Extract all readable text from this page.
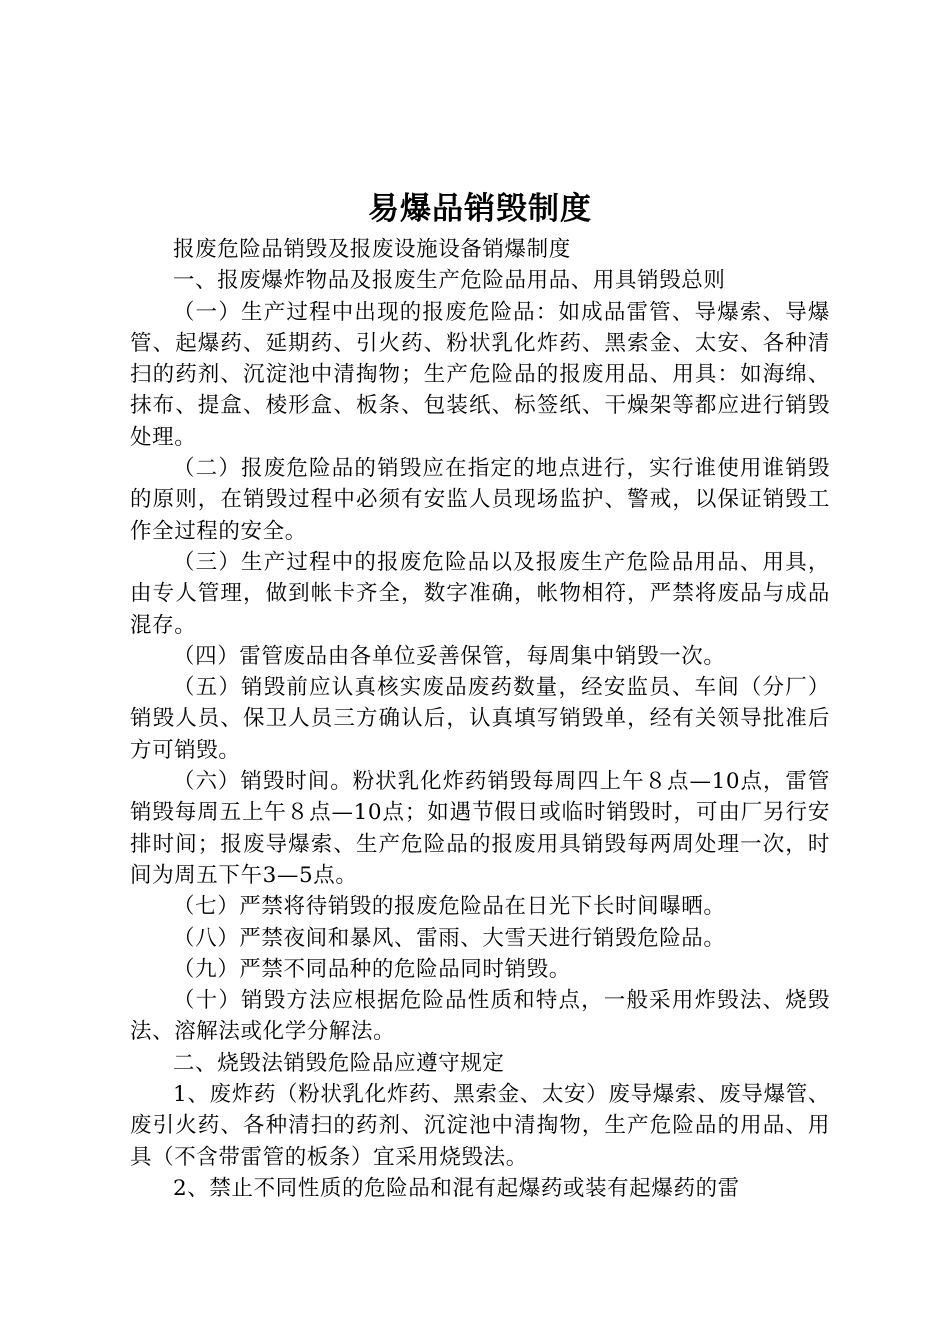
易爆品销毁制度

报废危险品销毁及报废设施设备销爆制度

一、报废爆炸物品及报废生产危险品用品、用具销毁总则

（一）生产过程中出现的报废危险品：如成品雷管、导爆索、导爆管、起爆药、延期药、引火药、粉状乳化炸药、黑索金、太安、各种清扫的药剂、沉淀池中清掏物；生产危险品的报废用品、用具：如海绵、抹布、提盒、棱形盒、板条、包装纸、标签纸、干燥架等都应进行销毁处理。

（二）报废危险品的销毁应在指定的地点进行，实行谁使用谁销毁的原则，在销毁过程中必须有安监人员现场监护、警戒，以保证销毁工作全过程的安全。

（三）生产过程中的报废危险品以及报废生产危险品用品、用具，由专人管理，做到帐卡齐全，数字准确，帐物相符，严禁将废品与成品混存。

（四）雷管废品由各单位妥善保管，每周集中销毁一次。

（五）销毁前应认真核实废品废药数量，经安监员、车间（分厂）销毁人员、保卫人员三方确认后，认真填写销毁单，经有关领导批准后方可销毁。

（六）销毁时间。粉状乳化炸药销毁每周四上午８点—10点，雷管销毁每周五上午８点—10点；如遇节假日或临时销毁时，可由厂另行安排时间；报废导爆索、生产危险品的报废用具销毁每两周处理一次，时间为周五下午3—5点。

（七）严禁将待销毁的报废危险品在日光下长时间曝晒。

（八）严禁夜间和暴风、雷雨、大雪天进行销毁危险品。

（九）严禁不同品种的危险品同时销毁。

（十）销毁方法应根据危险品性质和特点，一般采用炸毁法、烧毁法、溶解法或化学分解法。

二、烧毁法销毁危险品应遵守规定

1、废炸药（粉状乳化炸药、黑索金、太安）废导爆索、废导爆管、废引火药、各种清扫的药剂、沉淀池中清掏物，生产危险品的用品、用具（不含带雷管的板条）宜采用烧毁法。

2、禁止不同性质的危险品和混有起爆药或装有起爆药的雷
